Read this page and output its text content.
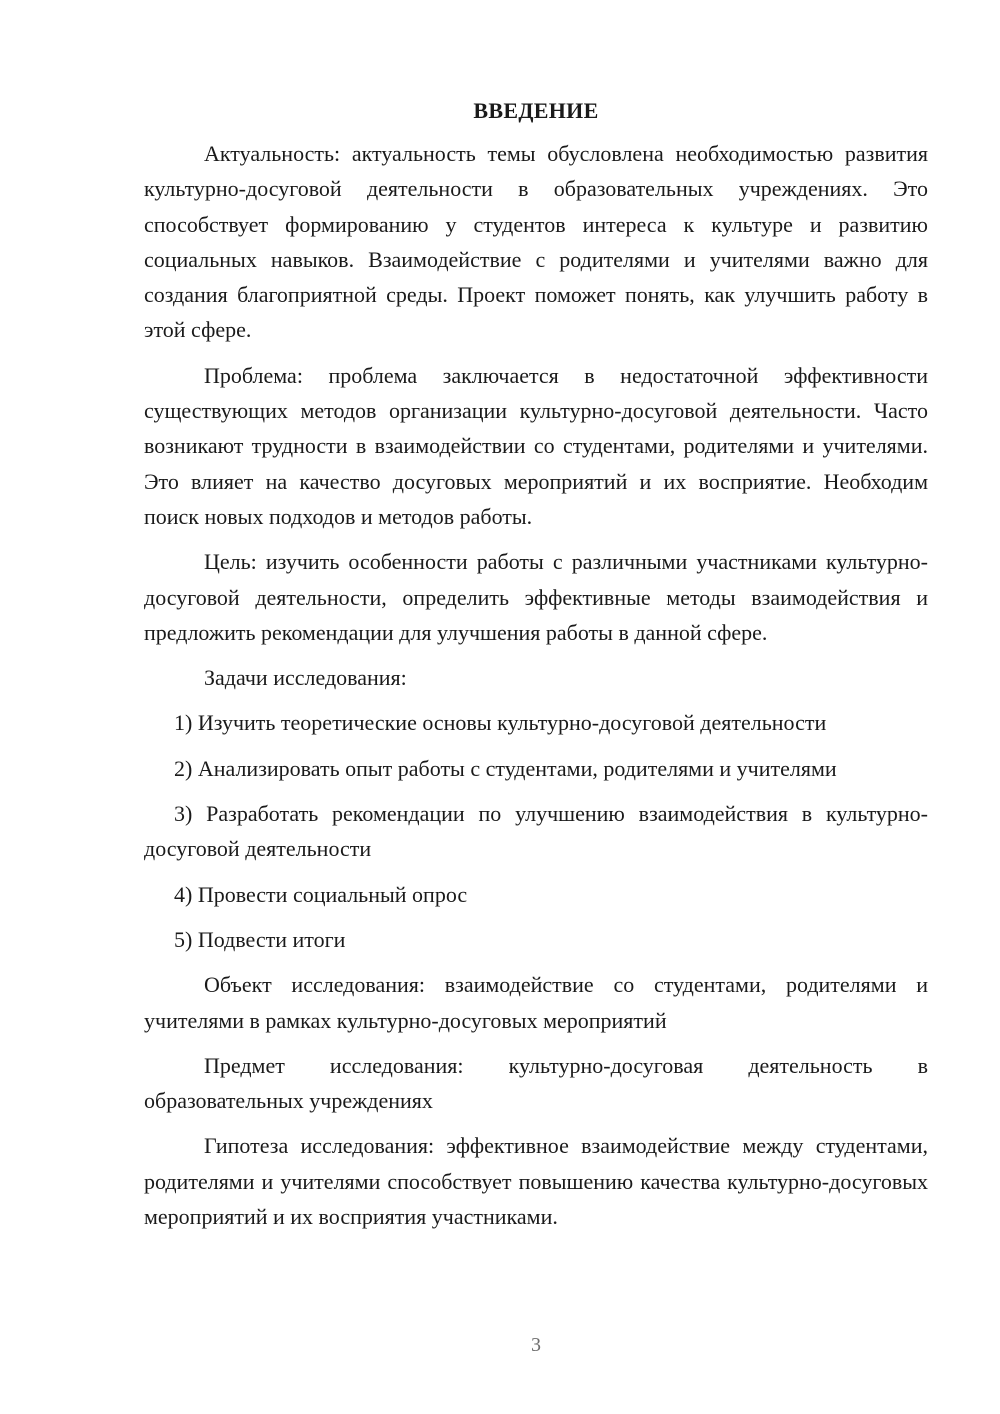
ВВЕДЕНИЕ

Актуальность: актуальность темы обусловлена необходимостью развития культурно-досуговой деятельности в образовательных учреждениях. Это способствует формированию у студентов интереса к культуре и развитию социальных навыков. Взаимодействие с родителями и учителями важно для создания благоприятной среды. Проект поможет понять, как улучшить работу в этой сфере.

Проблема: проблема заключается в недостаточной эффективности существующих методов организации культурно-досуговой деятельности. Часто возникают трудности в взаимодействии со студентами, родителями и учителями. Это влияет на качество досуговых мероприятий и их восприятие. Необходим поиск новых подходов и методов работы.

Цель: изучить особенности работы с различными участниками культурно-досуговой деятельности, определить эффективные методы взаимодействия и предложить рекомендации для улучшения работы в данной сфере.

Задачи исследования:

1) Изучить теоретические основы культурно-досуговой деятельности

2) Анализировать опыт работы с студентами, родителями и учителями

3) Разработать рекомендации по улучшению взаимодействия в культурно-досуговой деятельности

4) Провести социальный опрос

5) Подвести итоги

Объект исследования: взаимодействие со студентами, родителями и учителями в рамках культурно-досуговых мероприятий

Предмет исследования: культурно-досуговая деятельность в образовательных учреждениях

Гипотеза исследования: эффективное взаимодействие между студентами, родителями и учителями способствует повышению качества культурно-досуговых мероприятий и их восприятия участниками.

3
